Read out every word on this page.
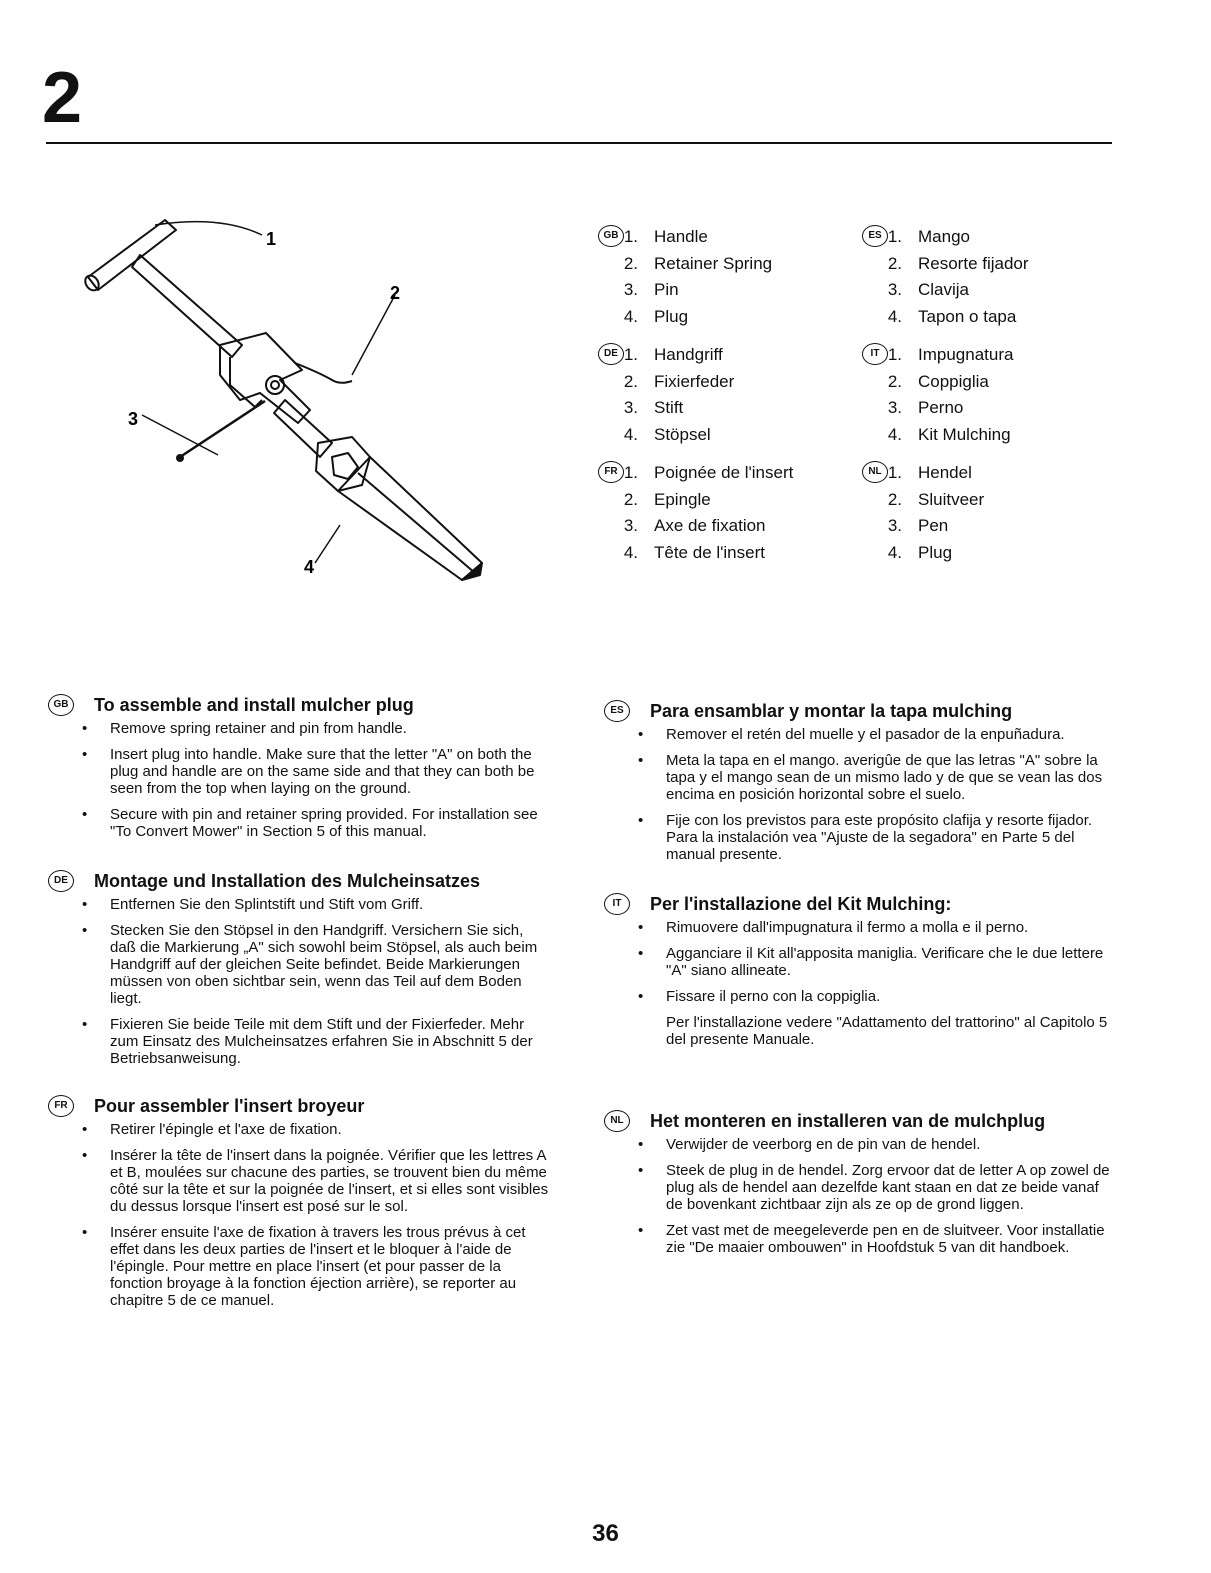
2
1
2
3
4
GB 1. Handle
2. Retainer Spring
3. Pin
4. Plug
DE 1. Handgriff
2. Fixierfeder
3. Stift
4. Stöpsel
FR 1. Poignée de l'insert
2. Epingle
3. Axe de fixation
4. Tête de l'insert
ES 1. Mango
2. Resorte fijador
3. Clavija
4. Tapon o tapa
IT 1. Impugnatura
2. Coppiglia
3. Perno
4. Kit Mulching
NL 1. Hendel
2. Sluitveer
3. Pen
4. Plug
GB	To assemble and install mulcher plug
• Remove spring retainer and pin from handle.
• Insert plug into handle. Make sure that the letter "A" on both the plug and handle are on the same side and that they can both be seen from the top when laying on the ground.
• Secure with pin and retainer spring provided. For installation see "To Convert Mower" in Section 5 of this manual.
DE	Montage und Installation des Mulcheinsatzes
• Entfernen Sie den Splintstift und Stift vom Griff.
• Stecken Sie den Stöpsel in den Handgriff. Versichern Sie sich, daß die Markierung „A" sich sowohl beim Stöpsel, als auch beim Handgriff auf der gleichen Seite befindet. Beide Markierungen müssen von oben sichtbar sein, wenn das Teil auf dem Boden liegt.
• Fixieren Sie beide Teile mit dem Stift und der Fixierfeder. Mehr zum Einsatz des Mulcheinsatzes erfahren Sie in Abschnitt 5 der Betriebsanweisung.
FR	Pour assembler l'insert broyeur
• Retirer l'épingle et l'axe de fixation.
• Insérer la tête de l'insert dans la poignée. Vérifier que les lettres A et B, moulées sur chacune des parties, se trouvent bien du même côté sur la tête et sur la poignée de l'insert, et si elles sont visibles du dessus lorsque l'insert est posé sur le sol.
• Insérer ensuite l'axe de fixation à travers les trous prévus à cet effet dans les deux parties de l'insert et le bloquer à l'aide de l'épingle. Pour mettre en place l'insert (et pour passer de la fonction broyage à la fonction éjection arrière), se reporter au chapitre 5 de ce manuel.
ES	Para ensamblar y montar la tapa mulching
• Remover el retén del muelle y el pasador de la enpuñadura.
• Meta la tapa en el mango. averigûe de que las letras "A" sobre la tapa y el mango sean de un mismo lado y de que se vean las dos encima en posición horizontal sobre el suelo.
• Fije con los previstos para este propósito clafija y resorte fijador. Para la instalación vea "Ajuste de la segadora" en Parte 5 del manual presente.
IT	Per l'installazione del Kit Mulching:
• Rimuovere dall'impugnatura il fermo a molla e il perno.
• Agganciare il Kit all'apposita maniglia. Verificare che le due lettere "A" siano allineate.
• Fissare il perno con la coppiglia.

Per l'installazione vedere "Adattamento del trattorino" al Capitolo 5 del presente Manuale.

NL	Het monteren en installeren van de mulchplug
• Verwijder de veerborg en de pin van de hendel.
• Steek de plug in de hendel. Zorg ervoor dat de letter A op zowel de plug als de hendel aan dezelfde kant staan en dat ze beide vanaf de bovenkant zichtbaar zijn als ze op de grond liggen.
• Zet vast met de meegeleverde pen en de sluitveer. Voor installatie zie "De maaier ombouwen" in Hoofdstuk 5 van dit handboek.
36
